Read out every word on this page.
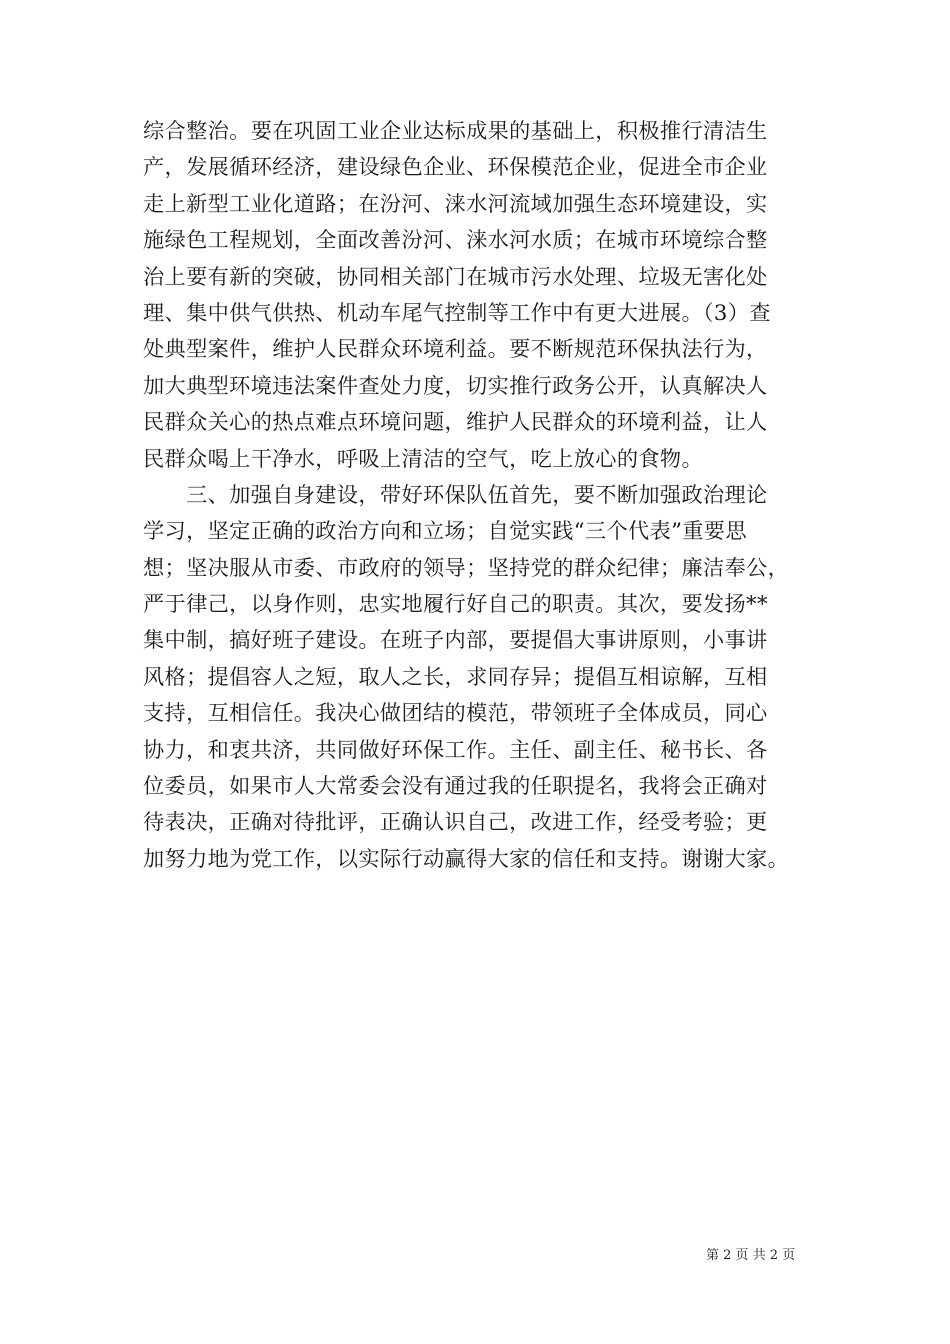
综合整治。要在巩固工业企业达标成果的基础上，积极推行清洁生
产，发展循环经济，建设绿色企业、环保模范企业，促进全市企业
走上新型工业化道路；在汾河、涞水河流域加强生态环境建设，实
施绿色工程规划，全面改善汾河、涞水河水质；在城市环境综合整
治上要有新的突破，协同相关部门在城市污水处理、垃圾无害化处
理、集中供气供热、机动车尾气控制等工作中有更大进展。（3）查
处典型案件，维护人民群众环境利益。要不断规范环保执法行为，
加大典型环境违法案件查处力度，切实推行政务公开，认真解决人
民群众关心的热点难点环境问题，维护人民群众的环境利益，让人
民群众喝上干净水，呼吸上清洁的空气，吃上放心的食物。
　　三、加强自身建设，带好环保队伍首先，要不断加强政治理论
学习，坚定正确的政治方向和立场；自觉实践“三个代表”重要思
想；坚决服从市委、市政府的领导；坚持党的群众纪律；廉洁奉公，
严于律己，以身作则，忠实地履行好自己的职责。其次，要发扬**
集中制，搞好班子建设。在班子内部，要提倡大事讲原则，小事讲
风格；提倡容人之短，取人之长，求同存异；提倡互相谅解，互相
支持，互相信任。我决心做团结的模范，带领班子全体成员，同心
协力，和衷共济，共同做好环保工作。主任、副主任、秘书长、各
位委员，如果市人大常委会没有通过我的任职提名，我将会正确对
待表决，正确对待批评，正确认识自己，改进工作，经受考验；更
加努力地为党工作，以实际行动赢得大家的信任和支持。谢谢大家。
第 2 页 共 2 页
